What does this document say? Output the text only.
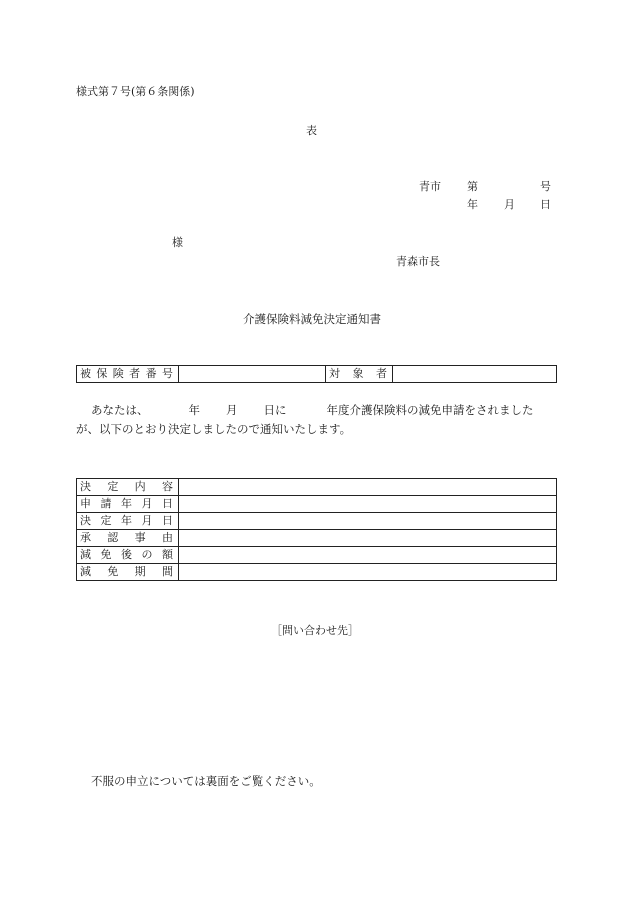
様式第７号(第６条関係)
表
青市 第	号
年 月 日
様
青森市長
介護保険料減免決定通知書
被 保 険 者 番 号		対 象 者

あなたは、	年 月 日に	年度介護保険料の減免申請をされました
が、以下のとおり決定しましたので通知いたします。
決 定 内 容	

申 請 年 月 日	

決 定 年 月 日	

承 認 事 由	

減 免 後 の 額	

減 免 期 間	

［問い合わせ先］
不服の申立については裏面をご覧ください。
